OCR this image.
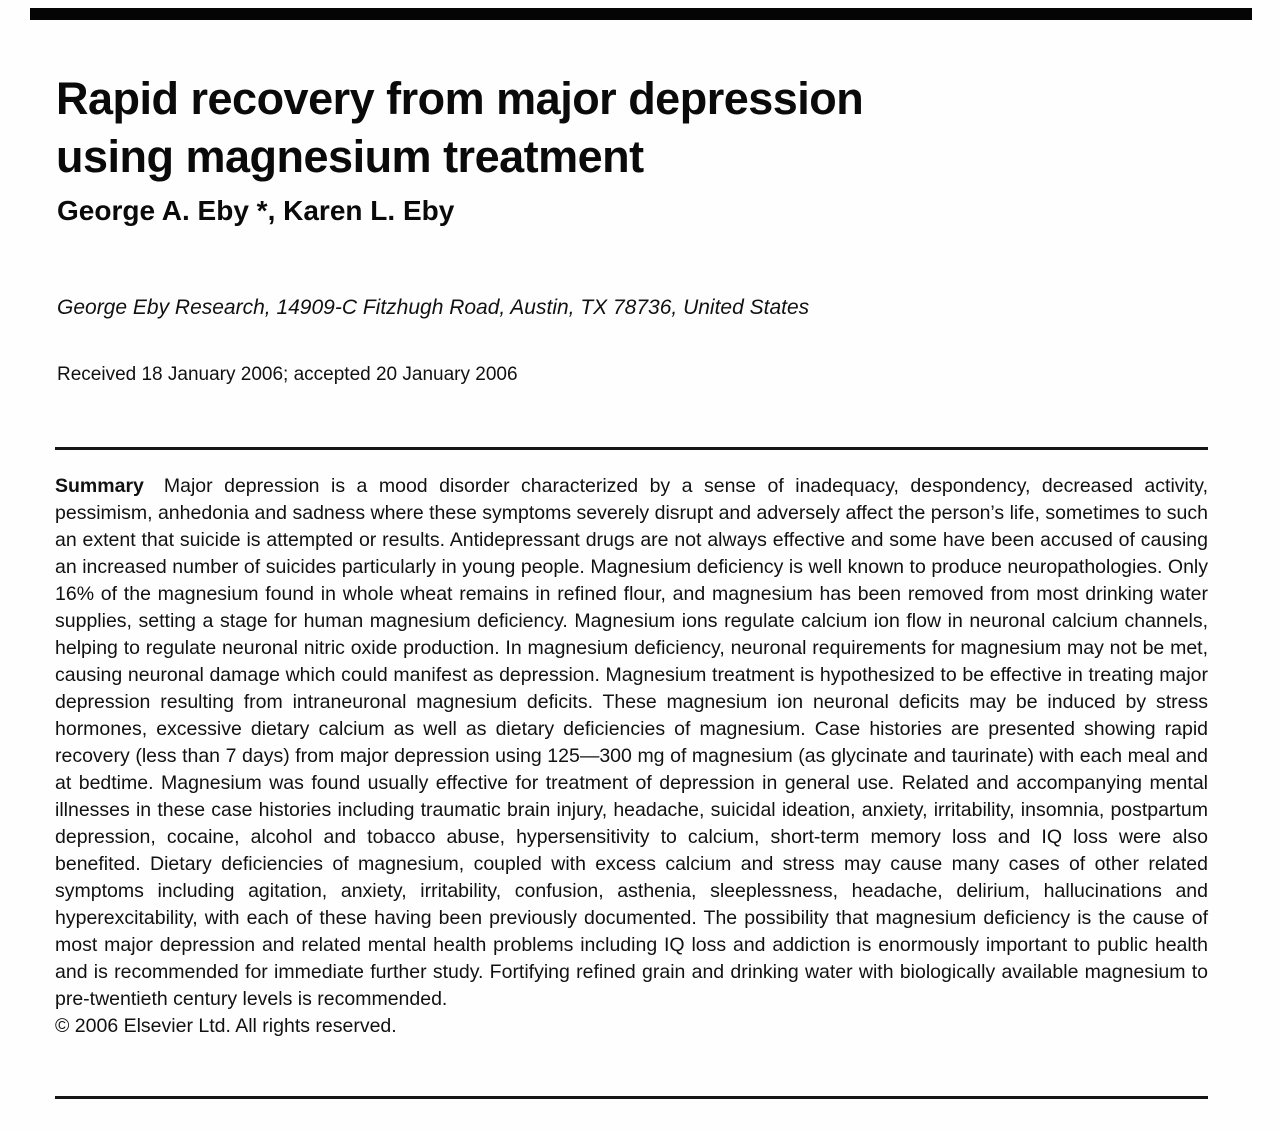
Rapid recovery from major depression
using magnesium treatment
George A. Eby *, Karen L. Eby
George Eby Research, 14909-C Fitzhugh Road, Austin, TX 78736, United States
Received 18 January 2006; accepted 20 January 2006

Summary Major depression is a mood disorder characterized by a sense of inadequacy, despondency, decreased activity, pessimism, anhedonia and sadness where these symptoms severely disrupt and adversely affect the person’s life, sometimes to such an extent that suicide is attempted or results. Antidepressant drugs are not always effective and some have been accused of causing an increased number of suicides particularly in young people. Magnesium deficiency is well known to produce neuropathologies. Only 16% of the magnesium found in whole wheat remains in refined flour, and magnesium has been removed from most drinking water supplies, setting a stage for human magnesium deficiency. Magnesium ions regulate calcium ion flow in neuronal calcium channels, helping to regulate neuronal nitric oxide production. In magnesium deficiency, neuronal requirements for magnesium may not be met, causing neuronal damage which could manifest as depression. Magnesium treatment is hypothesized to be effective in treating major depression resulting from intraneuronal magnesium deficits. These magnesium ion neuronal deficits may be induced by stress hormones, excessive dietary calcium as well as dietary deficiencies of magnesium. Case histories are presented showing rapid recovery (less than 7 days) from major depression using 125—300 mg of magnesium (as glycinate and taurinate) with each meal and at bedtime. Magnesium was found usually effective for treatment of depression in general use. Related and accompanying mental illnesses in these case histories including traumatic brain injury, headache, suicidal ideation, anxiety, irritability, insomnia, postpartum depression, cocaine, alcohol and tobacco abuse, hypersensitivity to calcium, short-term memory loss and IQ loss were also benefited. Dietary deficiencies of magnesium, coupled with excess calcium and stress may cause many cases of other related symptoms including agitation, anxiety, irritability, confusion, asthenia, sleeplessness, headache, delirium, hallucinations and hyperexcitability, with each of these having been previously documented. The possibility that magnesium deficiency is the cause of most major depression and related mental health problems including IQ loss and addiction is enormously important to public health and is recommended for immediate further study. Fortifying refined grain and drinking water with biologically available magnesium to pre-twentieth century levels is recommended.

© 2006 Elsevier Ltd. All rights reserved.
